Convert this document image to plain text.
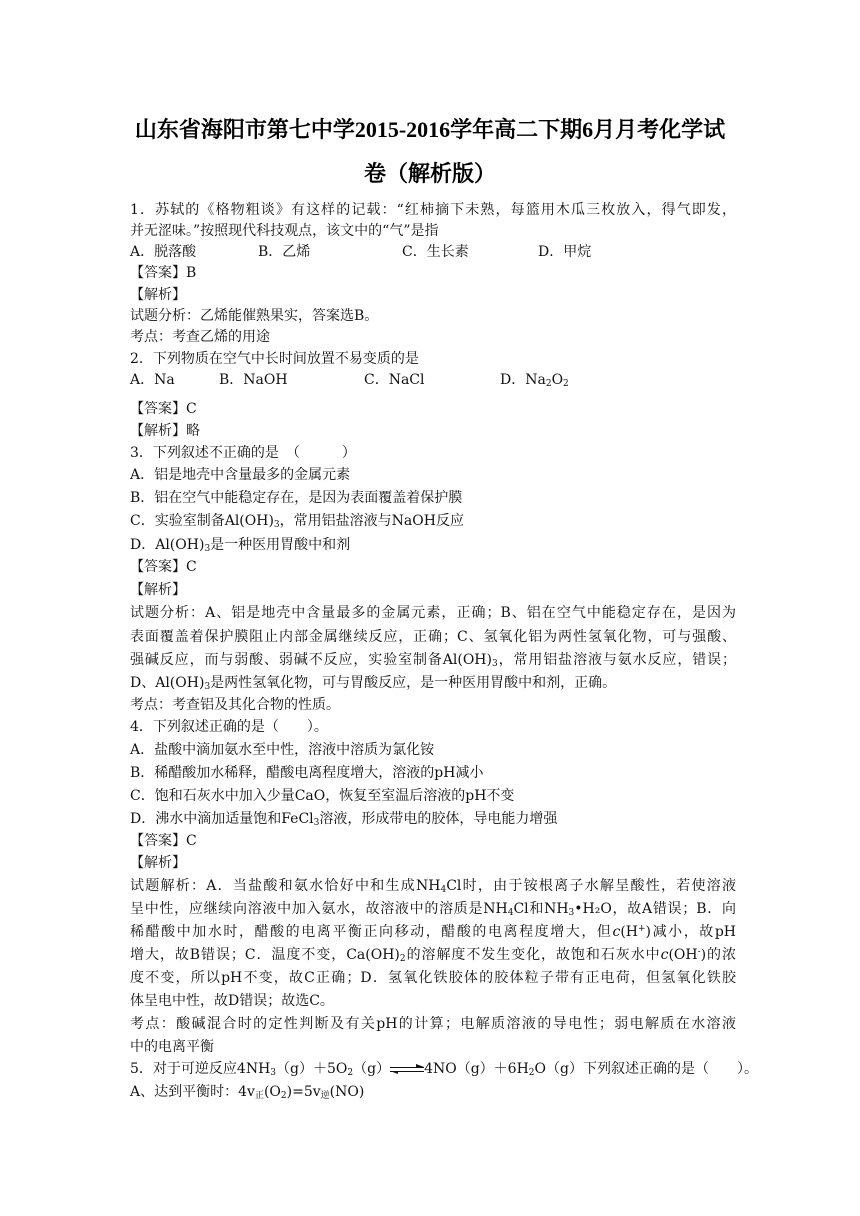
山东省海阳市第七中学2015-2016学年高二下期6月月考化学试
卷（解析版）
1．苏轼的《格物粗谈》有这样的记载：“红柿摘下未熟，每篮用木瓜三枚放入，得气即发，
并无涩味。”按照现代科技观点，该文中的“气”是指
A．脱落酸	B．乙烯	C．生长素	D．甲烷
【答案】B
【解析】
试题分析：乙烯能催熟果实，答案选B。
考点：考查乙烯的用途
2．下列物质在空气中长时间放置不易变质的是
A．Na	B．NaOH	C．NaCl	D．$Na_2O_2$
【答案】C
【解析】略
3．下列叙述不正确的是　（　　　）
A．铝是地壳中含量最多的金属元素
B．铝在空气中能稳定存在，是因为表面覆盖着保护膜
C．实验室制备$Al(OH)_3$，常用铝盐溶液与NaOH反应
D．$Al(OH)_3$是一种医用胃酸中和剂
【答案】C
【解析】
试题分析：A、铝是地壳中含量最多的金属元素，正确；B、铝在空气中能稳定存在，是因为
表面覆盖着保护膜阻止内部金属继续反应，正确；C、氢氧化铝为两性氢氧化物，可与强酸、
强碱反应，而与弱酸、弱碱不反应，实验室制备$Al(OH)_3$，常用铝盐溶液与氨水反应，错误；
D、$Al(OH)_3$是两性氢氧化物，可与胃酸反应，是一种医用胃酸中和剂，正确。
考点：考查铝及其化合物的性质。
4．下列叙述正确的是（　　）。
A．盐酸中滴加氨水至中性，溶液中溶质为氯化铵
B．稀醋酸加水稀释，醋酸电离程度增大，溶液的pH减小
C．饱和石灰水中加入少量CaO，恢复至室温后溶液的pH不变
D．沸水中滴加适量饱和FeCl$_3$溶液，形成带电的胶体，导电能力增强
【答案】C
【解析】
试题解析：A．当盐酸和氨水恰好中和生成$NH_4Cl$时，由于铵根离子水解呈酸性，若使溶液
呈中性，应继续向溶液中加入氨水，故溶液中的溶质是$NH_4Cl$和$NH_3•H_2O$，故A错误；B．向
稀醋酸中加水时，醋酸的电离平衡正向移动，醋酸的电离程度增大，但c(H+)减小，故pH
增大，故B错误；C．温度不变，$Ca(OH)_2$的溶解度不发生变化，故饱和石灰水中c(OH-)的浓
度不变，所以pH不变，故C正确；D．氢氧化铁胶体的胶体粒子带有正电荷，但氢氧化铁胶
体呈电中性，故D错误；故选C。
考点：酸碱混合时的定性判断及有关pH的计算；电解质溶液的导电性；弱电解质在水溶液
中的电离平衡
5．对于可逆反应$4NH_3(g)+5O_2(g)$ $4NO(g)+6H_2O(g)$下列叙述正确的是（　　）。
A、达到平衡时：$4v_正(O_2)=5v_逆(NO)$
